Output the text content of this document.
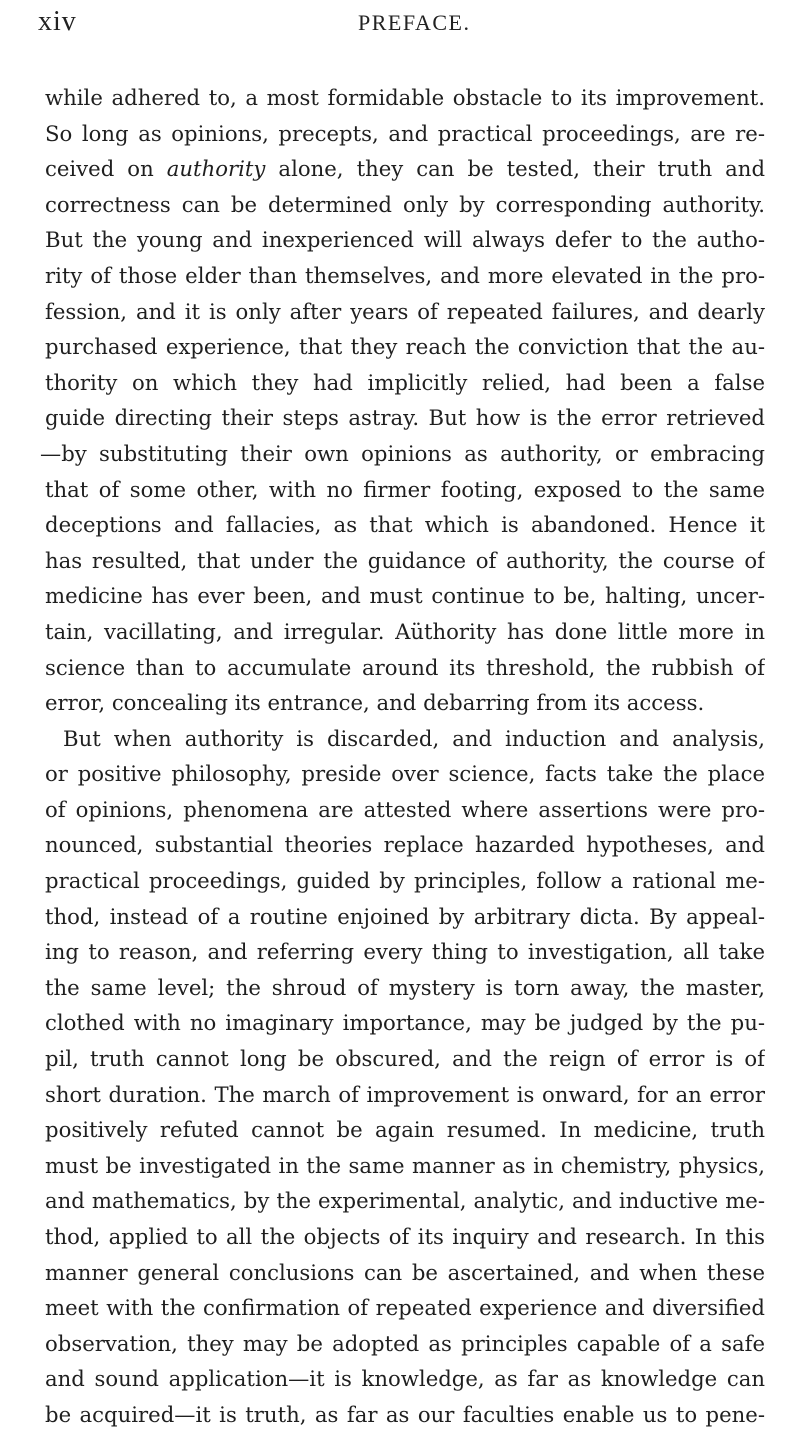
xiv	PREFACE.
while adhered to, a most formidable obstacle to its improvement.
So long as opinions, precepts, and practical proceedings, are re-
ceived on authority alone, they can be tested, their truth and
correctness can be determined only by corresponding authority.
But the young and inexperienced will always defer to the autho-
rity of those elder than themselves, and more elevated in the pro-
fession, and it is only after years of repeated failures, and dearly
purchased experience, that they reach the conviction that the au-
thority on which they had implicitly relied, had been a false
guide directing their steps astray. But how is the error retrieved
—by substituting their own opinions as authority, or embracing
that of some other, with no firmer footing, exposed to the same
deceptions and fallacies, as that which is abandoned. Hence it
has resulted, that under the guidance of authority, the course of
medicine has ever been, and must continue to be, halting, uncer-
tain, vacillating, and irregular. Aüthority has done little more in
science than to accumulate around its threshold, the rubbish of
error, concealing its entrance, and debarring from its access.
But when authority is discarded, and induction and analysis,
or positive philosophy, preside over science, facts take the place
of opinions, phenomena are attested where assertions were pro-
nounced, substantial theories replace hazarded hypotheses, and
practical proceedings, guided by principles, follow a rational me-
thod, instead of a routine enjoined by arbitrary dicta. By appeal-
ing to reason, and referring every thing to investigation, all take
the same level; the shroud of mystery is torn away, the master,
clothed with no imaginary importance, may be judged by the pu-
pil, truth cannot long be obscured, and the reign of error is of
short duration. The march of improvement is onward, for an error
positively refuted cannot be again resumed. In medicine, truth
must be investigated in the same manner as in chemistry, physics,
and mathematics, by the experimental, analytic, and inductive me-
thod, applied to all the objects of its inquiry and research. In this
manner general conclusions can be ascertained, and when these
meet with the confirmation of repeated experience and diversified
observation, they may be adopted as principles capable of a safe
and sound application—it is knowledge, as far as knowledge can
be acquired—it is truth, as far as our faculties enable us to pene-
